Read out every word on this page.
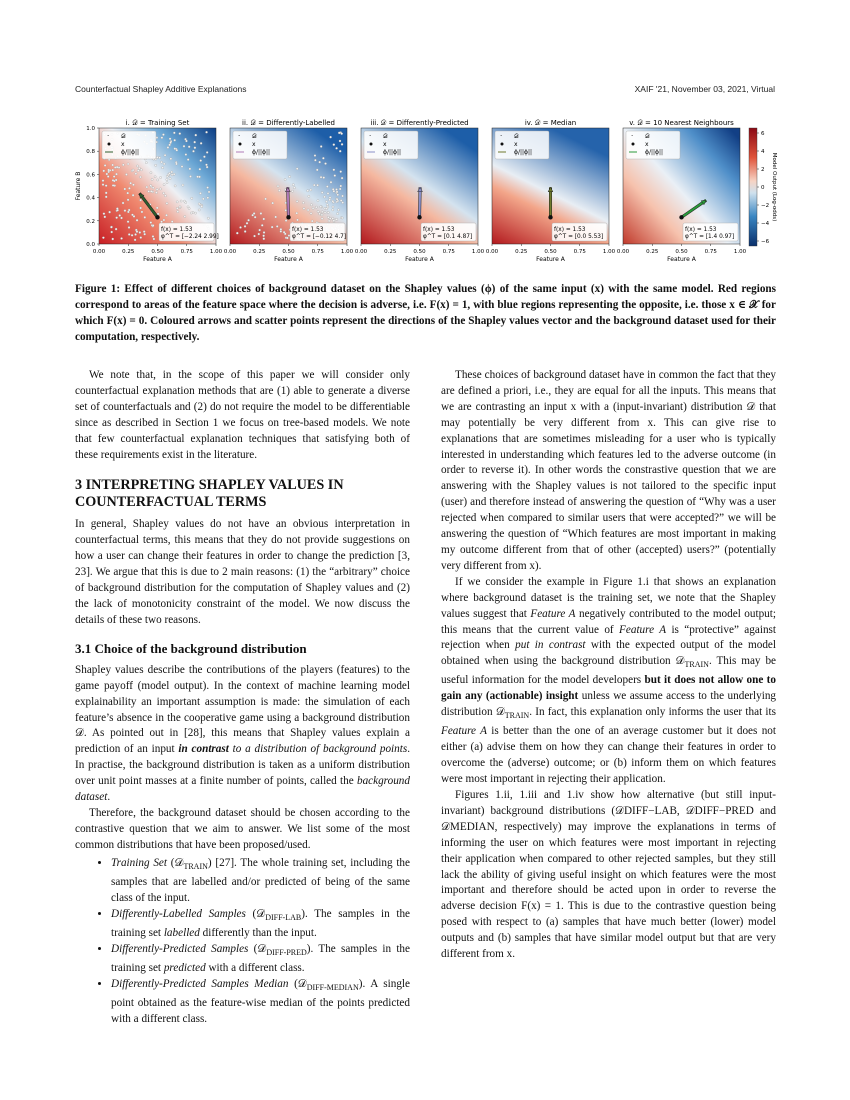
Counterfactual Shapley Additive Explanations	XAIF '21, November 03, 2021, Virtual
i. 𝒟 = Training Set
· 𝒟
x
ϕ/||ϕ||
f(x) = 1.53
φ^T = [−2.24 2.99]
0.00	0.25	0.50	0.75	1.00
Feature A
ii. 𝒟 = Differently-Labelled
· 𝒟
x
ϕ/||ϕ||
f(x) = 1.53
φ^T = [−0.12 4.7]
0.00	0.25	0.50	0.75	1.00
Feature A
iii. 𝒟 = Differently-Predicted
· 𝒟
x
ϕ/||ϕ||
f(x) = 1.53
φ^T = [0.1 4.87]
0.00	0.25	0.50	0.75	1.00
Feature A
iv. 𝒟 = Median
· 𝒟
x
ϕ/||ϕ||
f(x) = 1.53
φ^T = [0.0 5.53]
0.00	0.25	0.50	0.75	1.00
Feature A
v. 𝒟 = 10 Nearest Neighbours
· 𝒟
x
ϕ/||ϕ||
f(x) = 1.53
φ^T = [1.4 0.97]
0.00	0.25	0.50	0.75	1.00
Feature A
0.0
0.2
0.4
0.6
0.8
1.0
Feature B
6
4
2
0
−2
−4
−6
Model Output (Log-odds)
Figure 1: Effect of different choices of background dataset on the Shapley values (ϕ) of the same input (x) with the same model. Red regions correspond to areas of the feature space where the decision is adverse, i.e. F(x) = 1, with blue regions representing the opposite, i.e. those x ∈ 𝒳 for which F(x) = 0. Coloured arrows and scatter points represent the directions of the Shapley values vector and the background dataset used for their computation, respectively.

We note that, in the scope of this paper we will consider only counterfactual explanation methods that are (1) able to generate a diverse set of counterfactuals and (2) do not require the model to be differentiable since as described in Section 1 we focus on tree-based models. We note that few counterfactual explanation techniques that satisfying both of these requirements exist in the literature.

3 INTERPRETING SHAPLEY VALUES IN
COUNTERFACTUAL TERMS

In general, Shapley values do not have an obvious interpretation in counterfactual terms, this means that they do not provide suggestions on how a user can change their features in order to change the prediction [3, 23]. We argue that this is due to 2 main reasons: (1) the “arbitrary” choice of background distribution for the computation of Shapley values and (2) the lack of monotonicity constraint of the model. We now discuss the details of these two reasons.

3.1 Choice of the background distribution

Shapley values describe the contributions of the players (features) to the game payoff (model output). In the context of machine learning model explainability an important assumption is made: the simulation of each feature’s absence in the cooperative game using a background distribution 𝒟. As pointed out in [28], this means that Shapley values explain a prediction of an input in contrast to a distribution of background points. In practise, the background distribution is taken as a uniform distribution over unit point masses at a finite number of points, called the background dataset.

Therefore, the background dataset should be chosen according to the contrastive question that we aim to answer. We list some of the most common distributions that have been proposed/used.

• Training Set (𝒟$_{TRAIN}$) [27]. The whole training set, including the samples that are labelled and/or predicted of being of the same class of the input.
• Differently-Labelled Samples (𝒟$_{DIFF-LAB}$). The samples in the training set labelled differently than the input.
• Differently-Predicted Samples (𝒟$_{DIFF-PRED}$). The samples in the training set predicted with a different class.
• Differently-Predicted Samples Median (𝒟$_{DIFF-MEDIAN}$). A single point obtained as the feature-wise median of the points predicted with a different class.

These choices of background dataset have in common the fact that they are defined a priori, i.e., they are equal for all the inputs. This means that we are contrasting an input x with a (input-invariant) distribution 𝒟 that may potentially be very different from x. This can give rise to explanations that are sometimes misleading for a user who is typically interested in understanding which features led to the adverse outcome (in order to reverse it). In other words the constrastive question that we are answering with the Shapley values is not tailored to the specific input (user) and therefore instead of answering the question of “Why was a user rejected when compared to similar users that were accepted?” we will be answering the question of “Which features are most important in making my outcome different from that of other (accepted) users?” (potentially very different from x).

If we consider the example in Figure 1.i that shows an explanation where background dataset is the training set, we note that the Shapley values suggest that Feature A negatively contributed to the model output; this means that the current value of Feature A is “protective” against rejection when put in contrast with the expected output of the model obtained when using the background distribution 𝒟$_{TRAIN}$. This may be useful information for the model developers but it does not allow one to gain any (actionable) insight unless we assume access to the underlying distribution 𝒟$_{TRAIN}$. In fact, this explanation only informs the user that its Feature A is better than the one of an average customer but it does not either (a) advise them on how they can change their features in order to overcome the (adverse) outcome; or (b) inform them on which features were most important in rejecting their application.

Figures 1.ii, 1.iii and 1.iv show how alternative (but still input-invariant) background distributions (𝒟DIFF−LAB, 𝒟DIFF−PRED and 𝒟MEDIAN, respectively) may improve the explanations in terms of informing the user on which features were most important in rejecting their application when compared to other rejected samples, but they still lack the ability of giving useful insight on which features were the most important and therefore should be acted upon in order to reverse the adverse decision F(x) = 1. This is due to the contrastive question being posed with respect to (a) samples that have much better (lower) model outputs and (b) samples that have similar model output but that are very different from x.
